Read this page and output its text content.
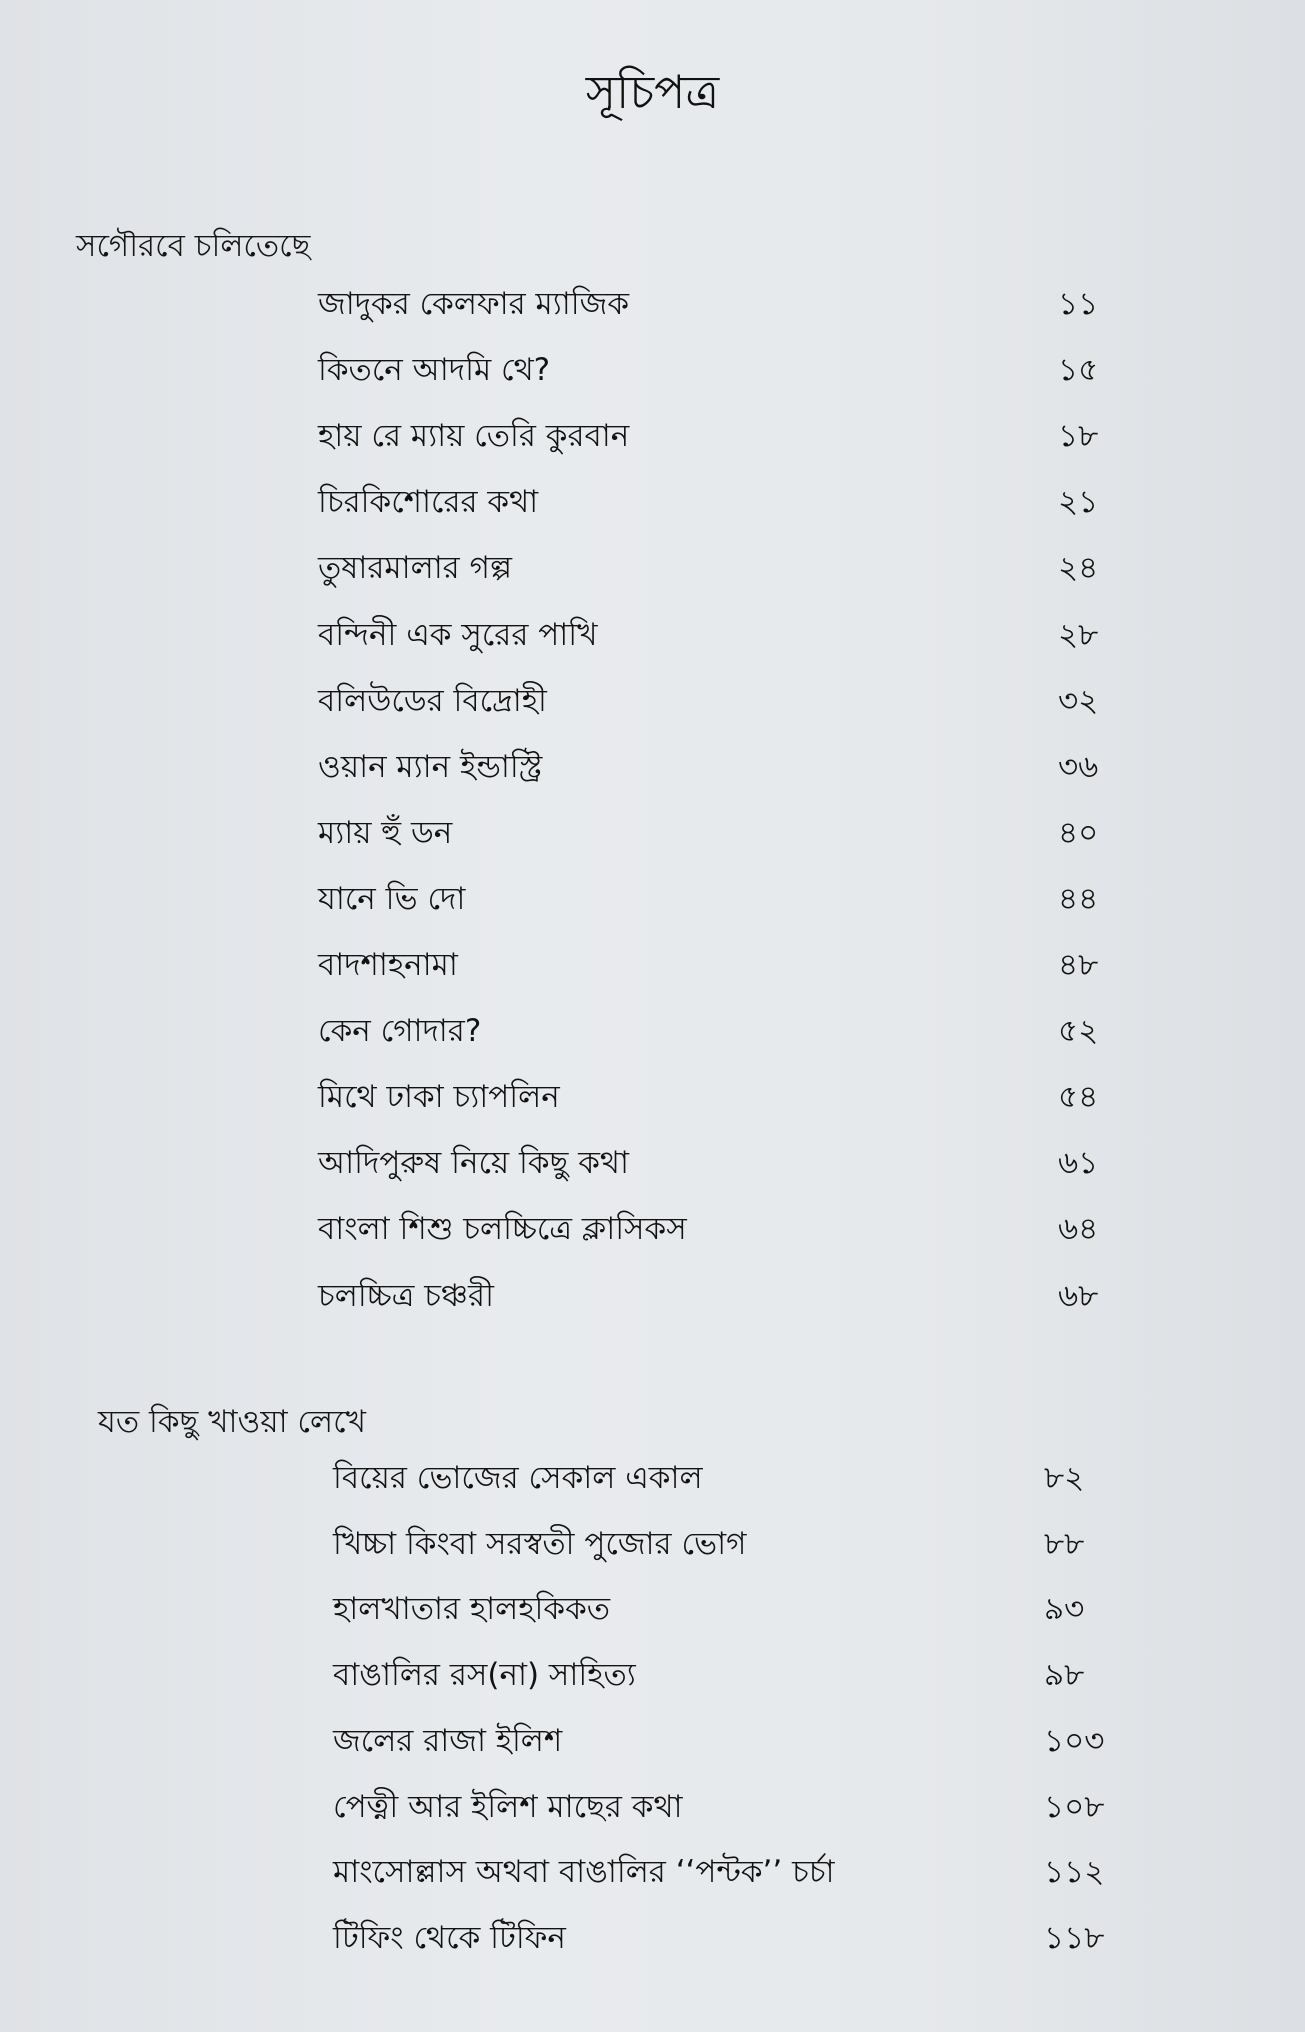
সূচিপত্র
সগৌরবে চলিতেছে
যত কিছু খাওয়া লেখে
জাদুকর কেলফার ম্যাজিক	১১
কিতনে আদমি থে?	১৫
হায় রে ম্যায় তেরি কুরবান	১৮
চিরকিশোরের কথা	২১
তুষারমালার গল্প	২৪
বন্দিনী এক সুরের পাখি	২৮
বলিউডের বিদ্রোহী	৩২
ওয়ান ম্যান ইন্ডাস্ট্রি	৩৬
ম্যায় হুঁ ডন	৪০
যানে ভি দো	৪৪
বাদশাহনামা	৪৮
কেন গোদার?	৫২
মিথে ঢাকা চ্যাপলিন	৫৪
আদিপুরুষ নিয়ে কিছু কথা	৬১
বাংলা শিশু চলচ্চিত্রে ক্লাসিকস	৬৪
চলচ্চিত্র চঞ্চরী	৬৮
বিয়ের ভোজের সেকাল একাল	৮২
খিচ্চা কিংবা সরস্বতী পুজোর ভোগ	৮৮
হালখাতার হালহকিকত	৯৩
বাঙালির রস(না) সাহিত্য	৯৮
জলের রাজা ইলিশ	১০৩
পেত্নী আর ইলিশ মাছের কথা	১০৮
মাংসোল্লাস অথবা বাঙালির ‘‘পন্টক’’ চর্চা	১১২
টিফিং থেকে টিফিন	১১৮
